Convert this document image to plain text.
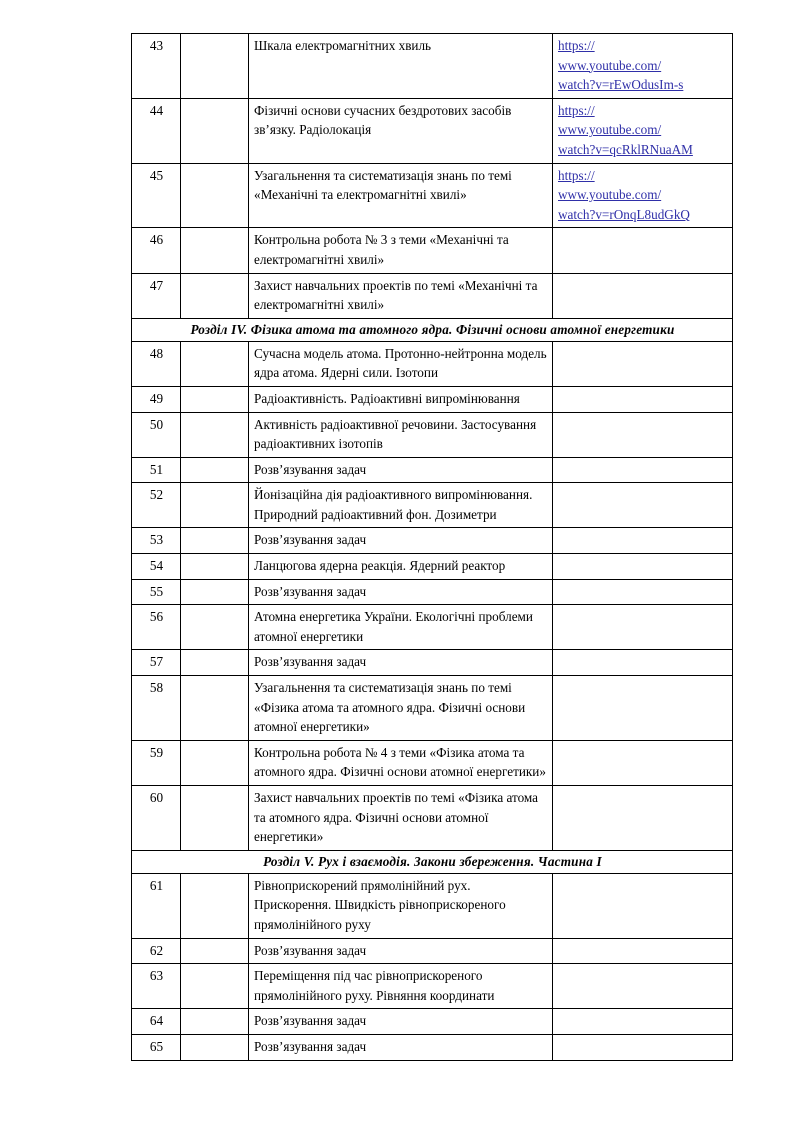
43		Шкала електромагнітних хвиль	https://
www.youtube.com/
watch?v=rEwOdusIm-s

44		Фізичні основи сучасних бездротових засобів зв’язку. Радіолокація	https://
www.youtube.com/
watch?v=qcRklRNuaAM

45		Узагальнення та систематизація знань по темі «Механічні та електромагнітні хвилі»	https://
www.youtube.com/
watch?v=rOnqL8udGkQ

46		Контрольна робота № 3 з теми «Механічні та електромагнітні хвилі»	
47		Захист навчальних проектів по темі «Механічні та електромагнітні хвилі»	
Розділ IV. Фізика атома та атомного ядра. Фізичні основи атомної енергетики			
48		Сучасна модель атома. Протонно-нейтронна модель ядра атома. Ядерні сили. Ізотопи	
49		Радіоактивність. Радіоактивні випромінювання	
50		Активність радіоактивної речовини. Застосування радіоактивних ізотопів	
51		Розв’язування задач	
52		Йонізаційна дія радіоактивного випромінювання. Природний радіоактивний фон. Дозиметри	
53		Розв’язування задач	
54		Ланцюгова ядерна реакція. Ядерний реактор	
55		Розв’язування задач	
56		Атомна енергетика України. Екологічні проблеми атомної енергетики	
57		Розв’язування задач	
58		Узагальнення та систематизація знань по темі «Фізика атома та атомного ядра. Фізичні основи атомної енергетики»	
59		Контрольна робота № 4 з теми «Фізика атома та атомного ядра. Фізичні основи атомної енергетики»	
60		Захист навчальних проектів по темі «Фізика атома та атомного ядра. Фізичні основи атомної енергетики»	
Розділ V. Рух і взаємодія. Закони збереження. Частина I			
61		Рівноприскорений прямолінійний рух. Прискорення. Швидкість рівноприскореного прямолінійного руху	
62		Розв’язування задач	
63		Переміщення під час рівноприскореного прямолінійного руху. Рівняння координати	
64		Розв’язування задач	
65		Розв’язування задач	
